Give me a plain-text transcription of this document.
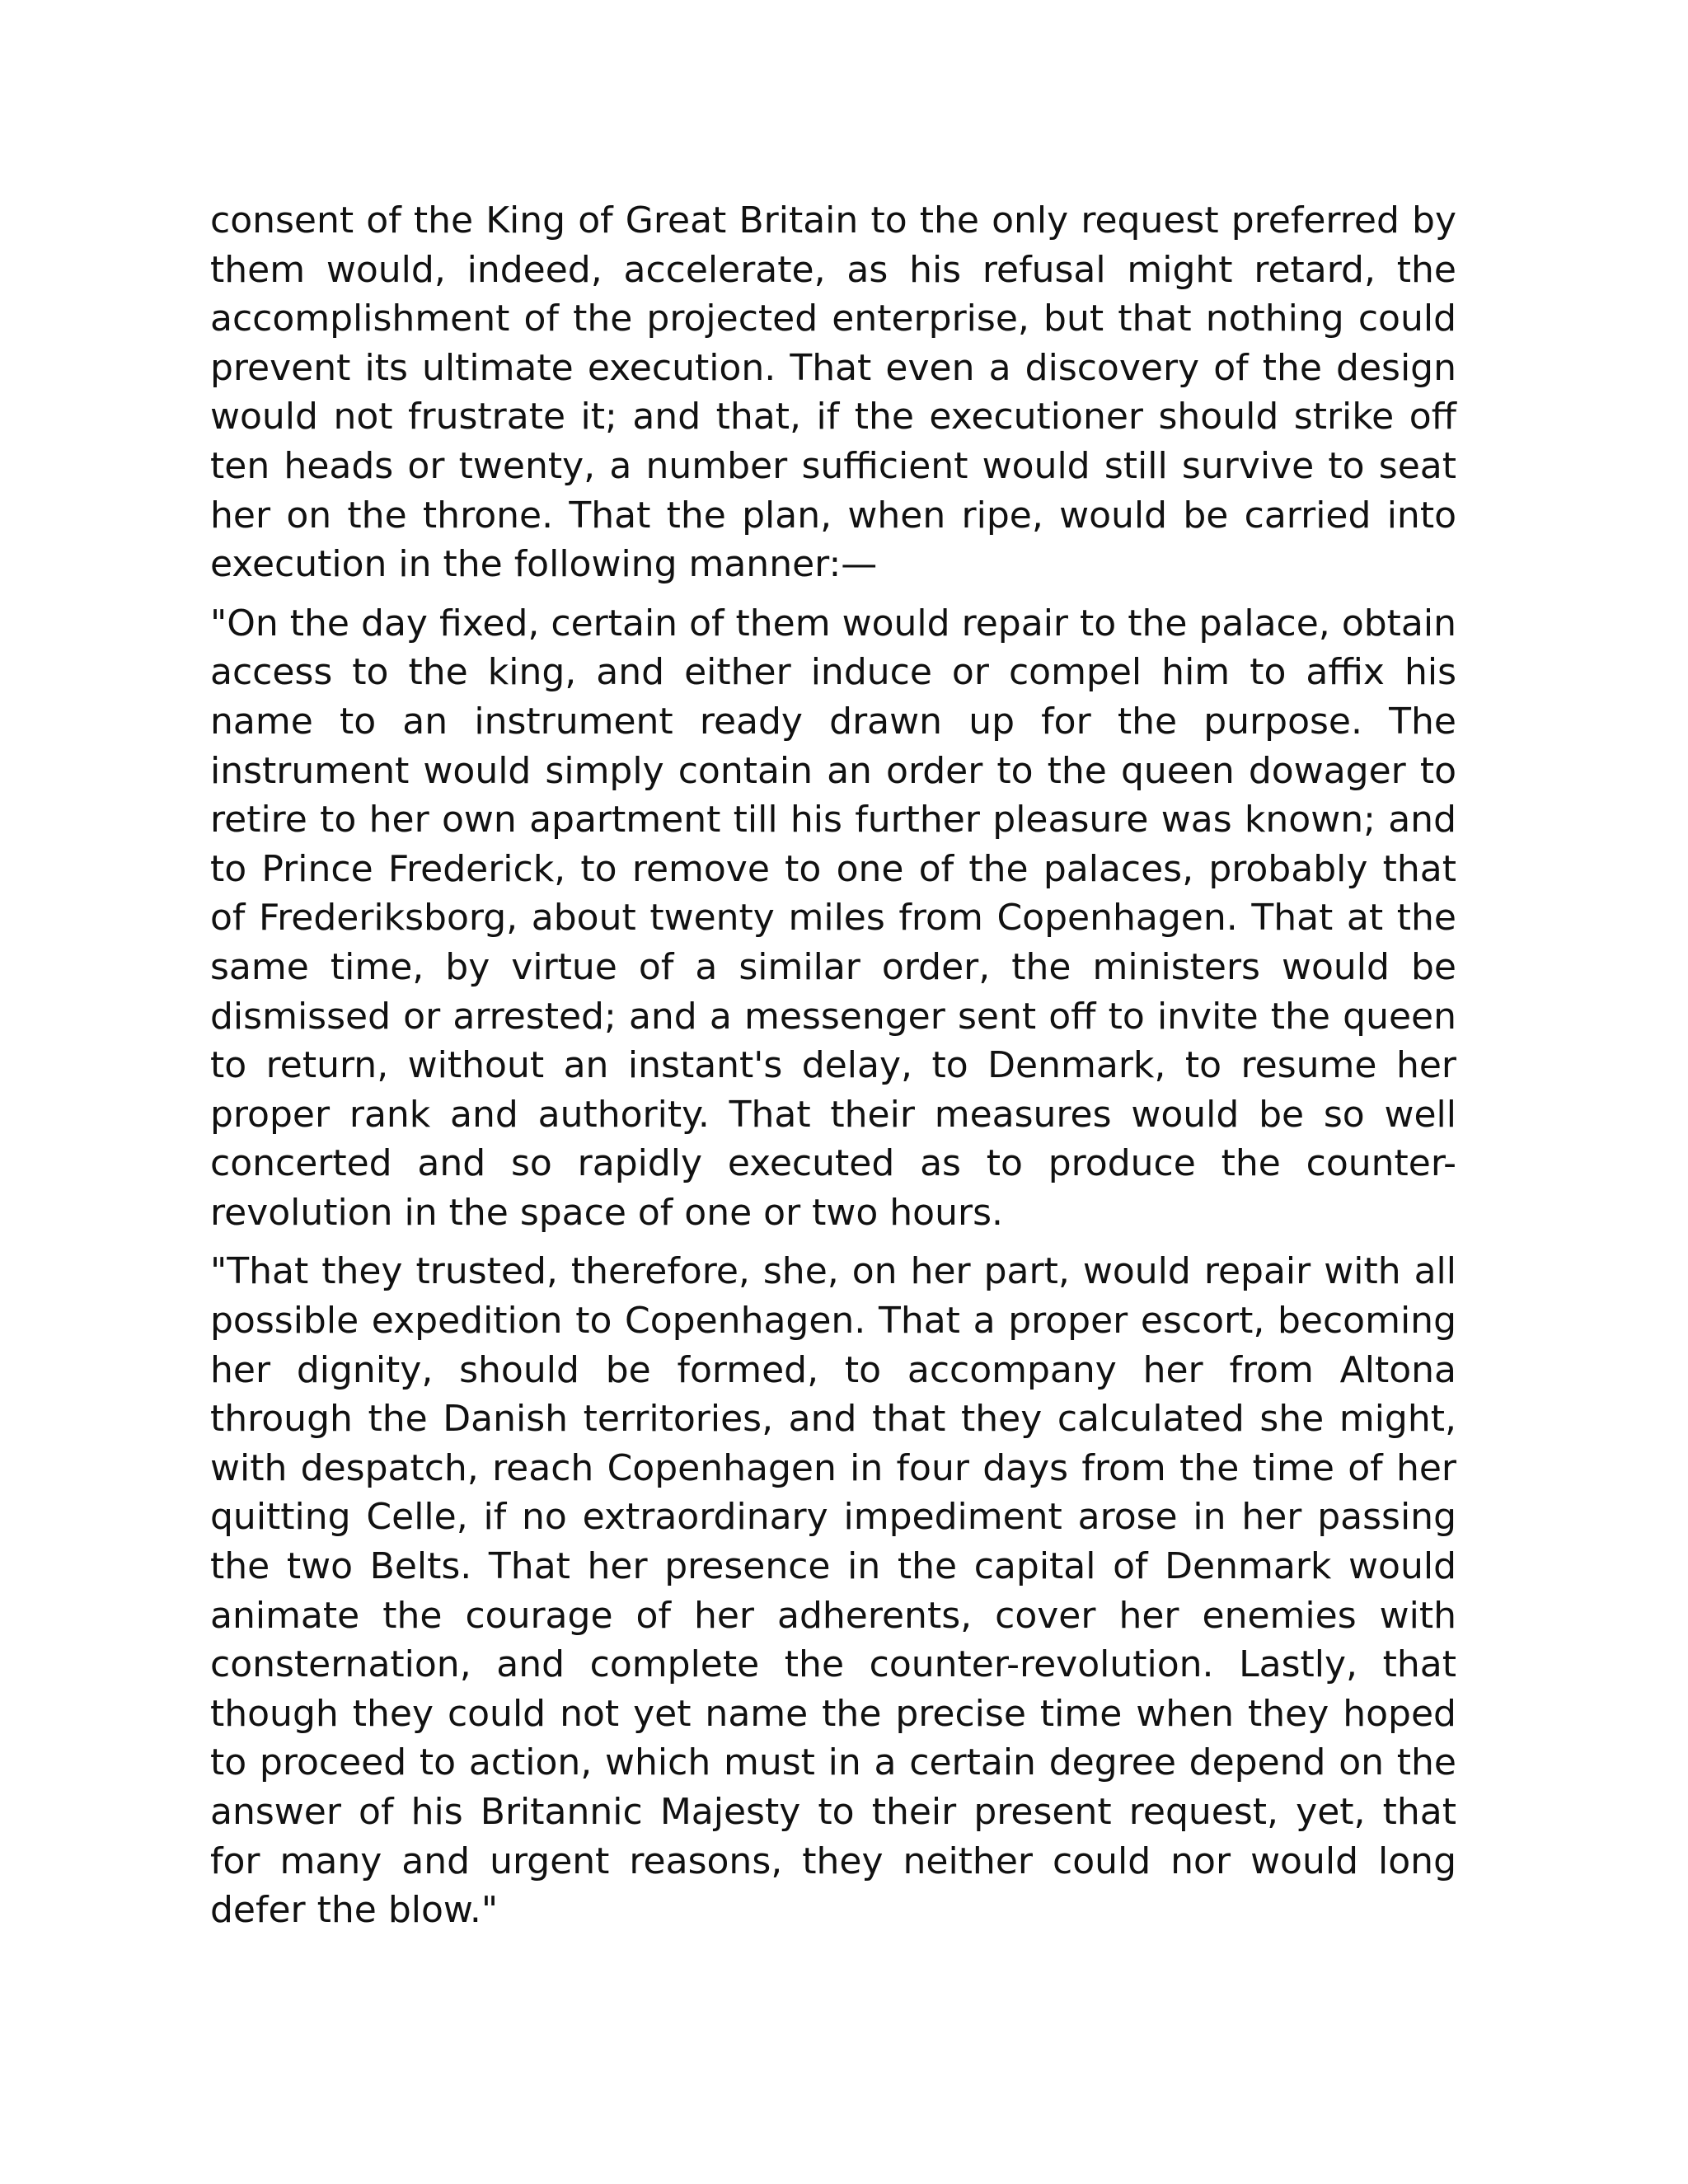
consent of the King of Great Britain to the only request preferred by them would, indeed, accelerate, as his refusal might retard, the accomplishment of the projected enterprise, but that nothing could prevent its ultimate execution. That even a discovery of the design would not frustrate it; and that, if the executioner should strike off ten heads or twenty, a number sufficient would still survive to seat her on the throne. That the plan, when ripe, would be carried into execution in the following manner:—

"On the day fixed, certain of them would repair to the palace, obtain access to the king, and either induce or compel him to affix his name to an instrument ready drawn up for the purpose. The instrument would simply contain an order to the queen dowager to retire to her own apartment till his further pleasure was known; and to Prince Frederick, to remove to one of the palaces, probably that of Frederiksborg, about twenty miles from Copenhagen. That at the same time, by virtue of a similar order, the ministers would be dismissed or arrested; and a messenger sent off to invite the queen to return, without an instant's delay, to Denmark, to resume her proper rank and authority. That their measures would be so well concerted and so rapidly executed as to produce the counter-revolution in the space of one or two hours.

"That they trusted, therefore, she, on her part, would repair with all possible expedition to Copenhagen. That a proper escort, becoming her dignity, should be formed, to accompany her from Altona through the Danish territories, and that they calculated she might, with despatch, reach Copenhagen in four days from the time of her quitting Celle, if no extraordinary impediment arose in her passing the two Belts. That her presence in the capital of Denmark would animate the courage of her adherents, cover her enemies with consternation, and complete the counter-revolution. Lastly, that though they could not yet name the precise time when they hoped to proceed to action, which must in a certain degree depend on the answer of his Britannic Majesty to their present request, yet, that for many and urgent reasons, they neither could nor would long defer the blow."
